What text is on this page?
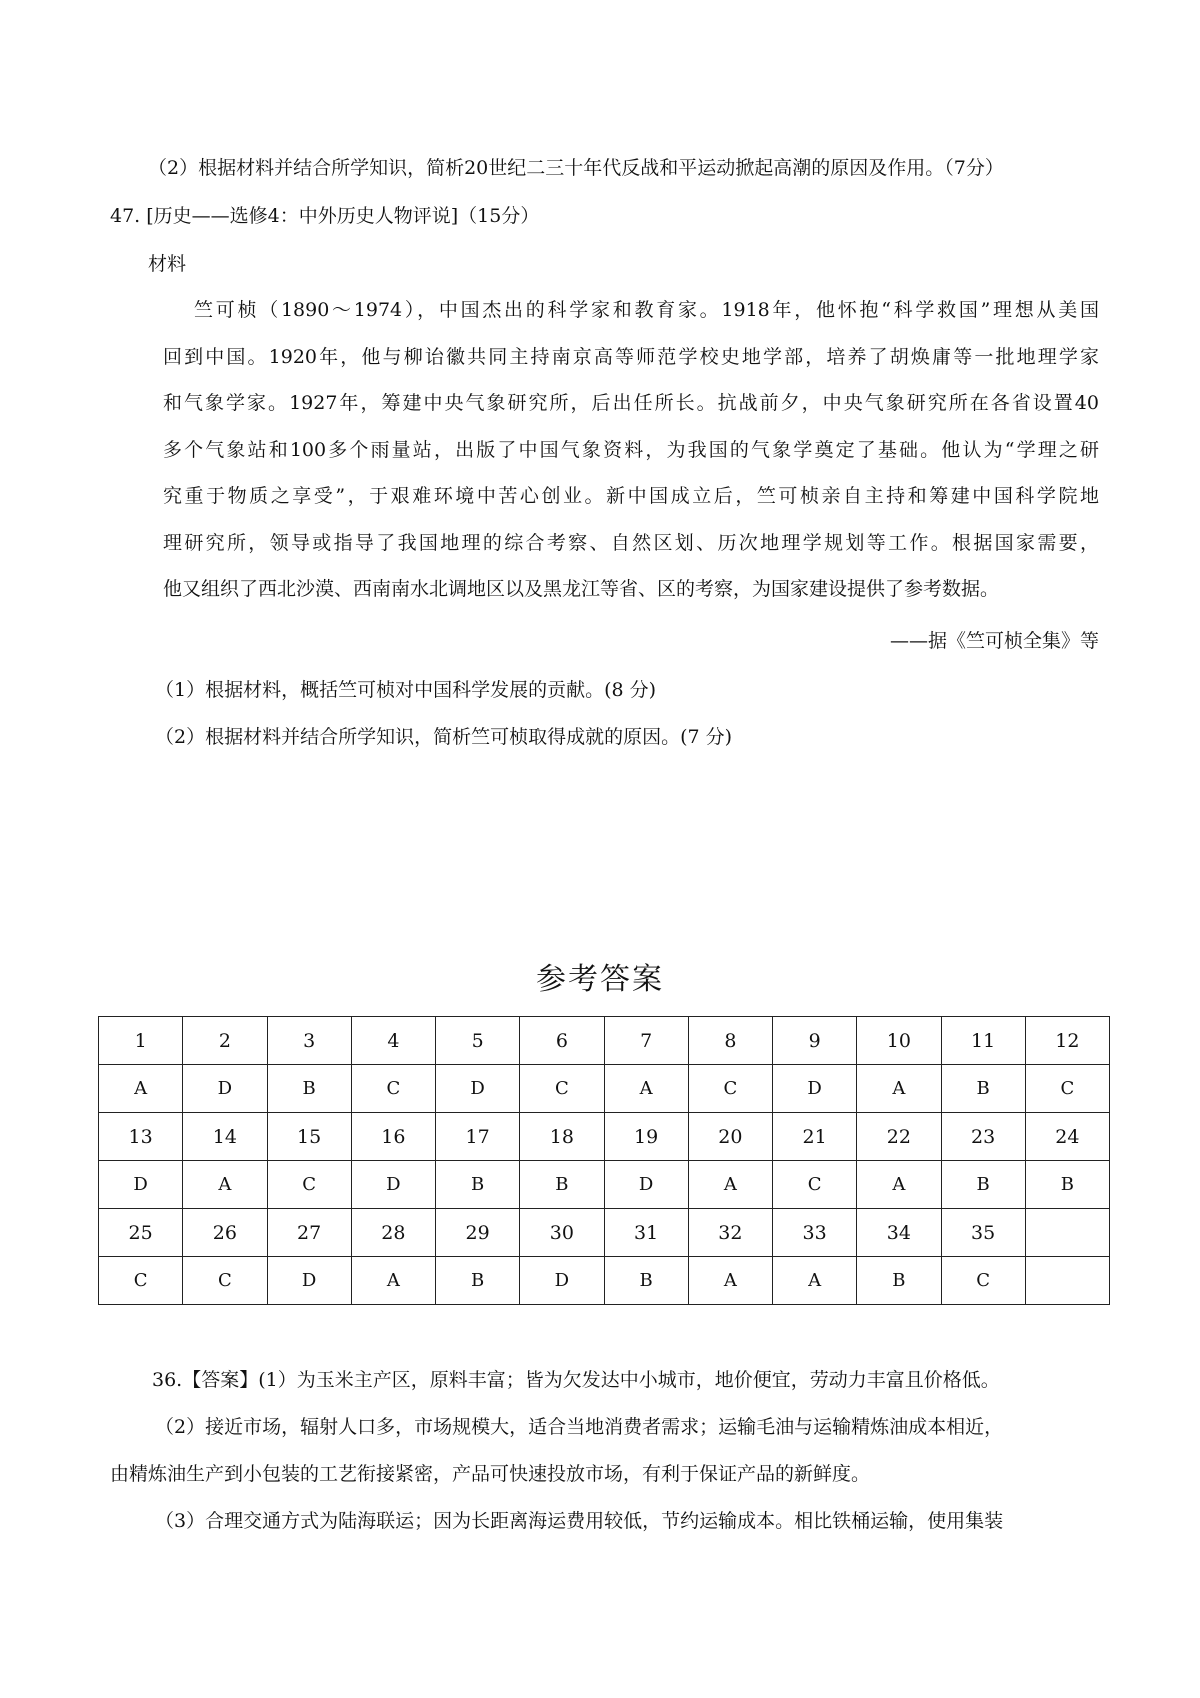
（2）根据材料并结合所学知识，简析20世纪二三十年代反战和平运动掀起高潮的原因及作用。（7分）
47. [历史——选修4：中外历史人物评说]（15分）
材料
竺可桢（1890～1974），中国杰出的科学家和教育家。1918年，他怀抱“科学救国”理想从美国
回到中国。1920年，他与柳诒徽共同主持南京高等师范学校史地学部，培养了胡焕庸等一批地理学家
和气象学家。1927年，筹建中央气象研究所，后出任所长。抗战前夕，中央气象研究所在各省设置40
多个气象站和100多个雨量站，出版了中国气象资料，为我国的气象学奠定了基础。他认为“学理之研
究重于物质之享受”，于艰难环境中苦心创业。新中国成立后，竺可桢亲自主持和筹建中国科学院地
理研究所，领导或指导了我国地理的综合考察、自然区划、历次地理学规划等工作。根据国家需要，
他又组织了西北沙漠、西南南水北调地区以及黑龙江等省、区的考察，为国家建设提供了参考数据。
——据《竺可桢全集》等
（1）根据材料，概括竺可桢对中国科学发展的贡献。(8 分)
（2）根据材料并结合所学知识，简析竺可桢取得成就的原因。(7 分)
参考答案
1	2	3	4	5	6	7	8	9	10	11	12
A	D	B	C	D	C	A	C	D	A	B	C
13	14	15	16	17	18	19	20	21	22	23	24
D	A	C	D	B	B	D	A	C	A	B	B
25	26	27	28	29	30	31	32	33	34	35	
C	C	D	A	B	D	B	A	A	B	C	
36.【答案】(1）为玉米主产区，原料丰富；皆为欠发达中小城市，地价便宜，劳动力丰富且价格低。
（2）接近市场，辐射人口多，市场规模大，适合当地消费者需求；运输毛油与运输精炼油成本相近，
由精炼油生产到小包装的工艺衔接紧密，产品可快速投放市场，有利于保证产品的新鲜度。
（3）合理交通方式为陆海联运；因为长距离海运费用较低，节约运输成本。相比铁桶运输，使用集装
